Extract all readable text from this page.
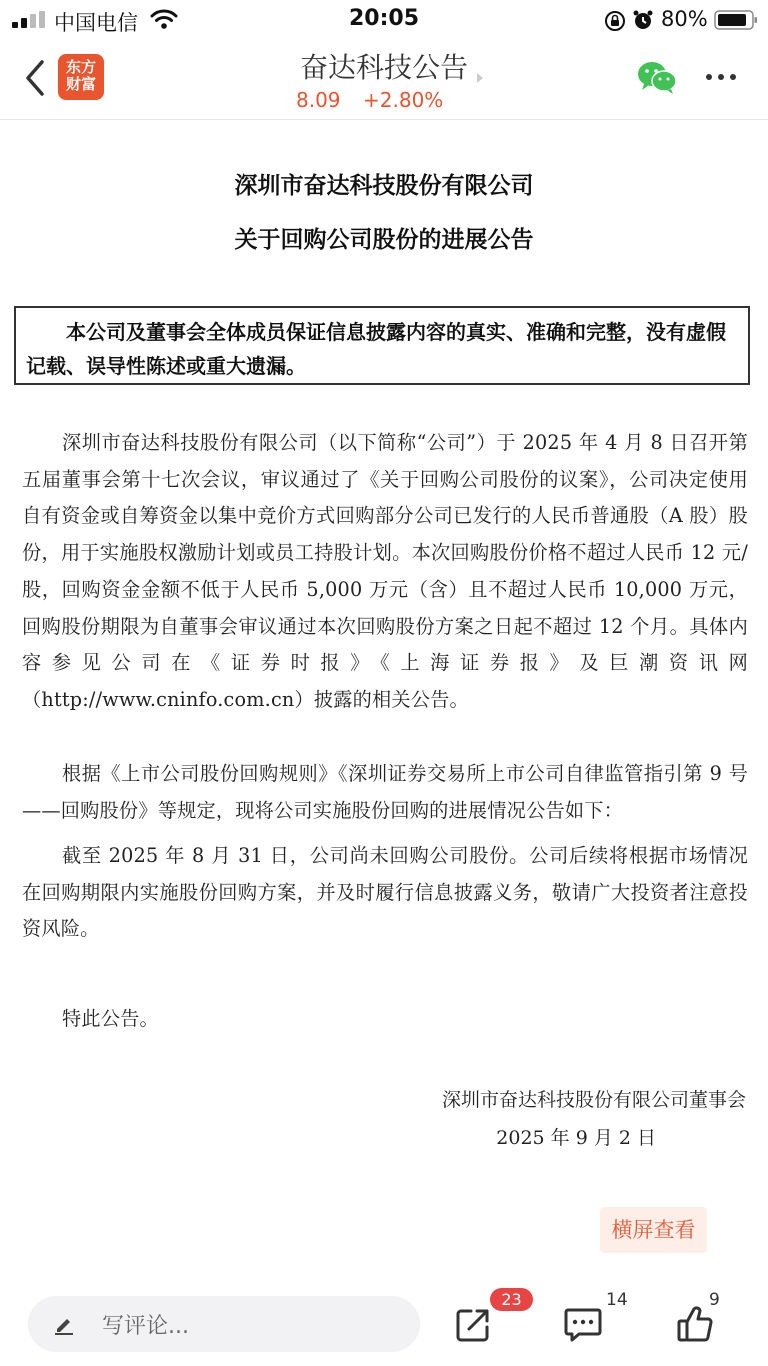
中国电信	20:05	80%
东方
财富	奋达科技公告
8.09 +2.80%
深圳市奋达科技股份有限公司
关于回购公司股份的进展公告
本公司及董事会全体成员保证信息披露内容的真实、准确和完整，没有虚假记载、误导性陈述或重大遗漏。

深圳市奋达科技股份有限公司（以下简称“公司”）于 2025 年 4 月 8 日召开第五届董事会第十七次会议，审议通过了《关于回购公司股份的议案》，公司决定使用自有资金或自筹资金以集中竞价方式回购部分公司已发行的人民币普通股（A 股）股份，用于实施股权激励计划或员工持股计划。本次回购股份价格不超过人民币 12 元/股，回购资金金额不低于人民币 5,000 万元（含）且不超过人民币 10,000 万元，回购股份期限为自董事会审议通过本次回购股份方案之日起不超过 12 个月。具体内容参见公司在《证券时报》《上海证券报》及巨潮资讯网（http://www.cninfo.com.cn）披露的相关公告。

根据《上市公司股份回购规则》《深圳证券交易所上市公司自律监管指引第 9 号——回购股份》等规定，现将公司实施股份回购的进展情况公告如下：

截至 2025 年 8 月 31 日，公司尚未回购公司股份。公司后续将根据市场情况在回购期限内实施股份回购方案，并及时履行信息披露义务，敬请广大投资者注意投资风险。

特此公告。

深圳市奋达科技股份有限公司董事会
2025 年 9 月 2 日
横屏查看
写评论...
23	14	9
